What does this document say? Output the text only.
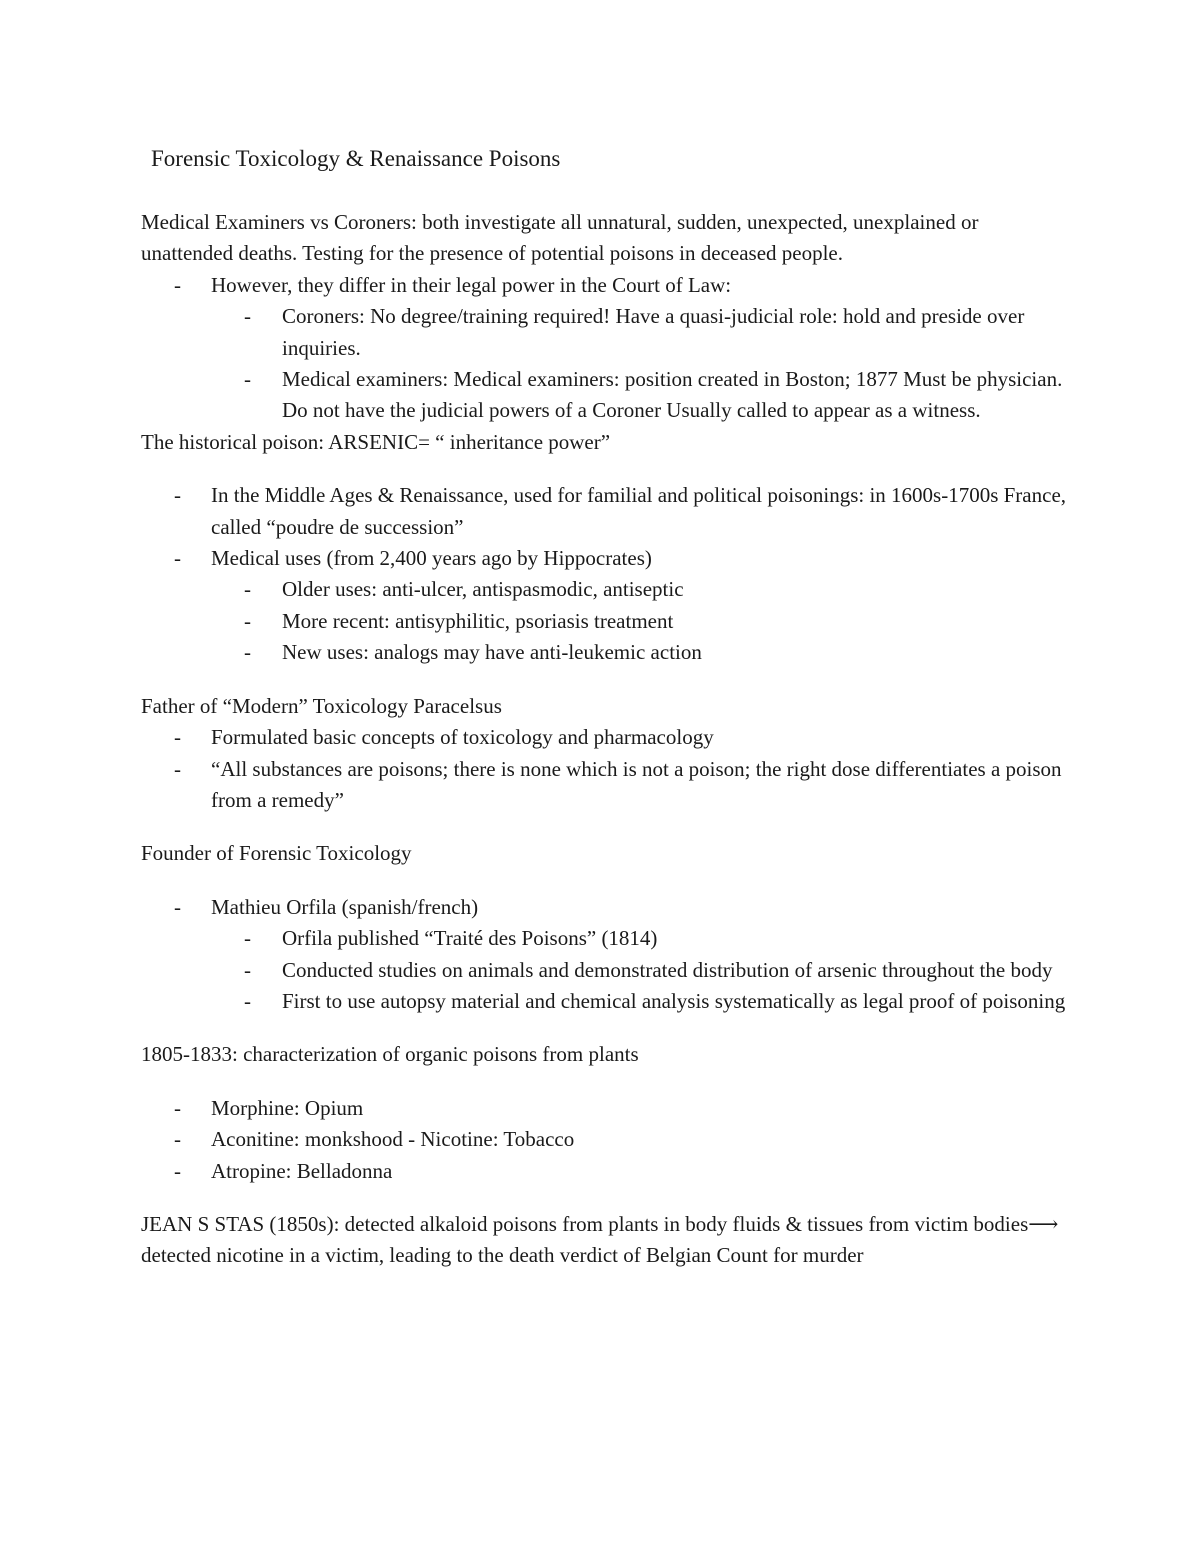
Forensic Toxicology & Renaissance Poisons

Medical Examiners vs Coroners: both investigate all unnatural, sudden, unexpected, unexplained or unattended deaths. Testing for the presence of potential poisons in deceased people.

- However, they differ in their legal power in the Court of Law:
- Coroners: No degree/training required! Have a quasi-judicial role: hold and preside over inquiries.
- Medical examiners: Medical examiners: position created in Boston; 1877 Must be physician. Do not have the judicial powers of a Coroner Usually called to appear as a witness.

The historical poison: ARSENIC= “ inheritance power”

- In the Middle Ages & Renaissance, used for familial and political poisonings: in 1600s-1700s France, called “poudre de succession”
- Medical uses (from 2,400 years ago by Hippocrates)
- Older uses: anti-ulcer, antispasmodic, antiseptic
- More recent: antisyphilitic, psoriasis treatment
- New uses: analogs may have anti-leukemic action

Father of “Modern” Toxicology Paracelsus

- Formulated basic concepts of toxicology and pharmacology
- “All substances are poisons; there is none which is not a poison; the right dose differentiates a poison from a remedy”

Founder of Forensic Toxicology

- Mathieu Orfila (spanish/french)
- Orfila published “Traité des Poisons” (1814)
- Conducted studies on animals and demonstrated distribution of arsenic throughout the body
- First to use autopsy material and chemical analysis systematically as legal proof of poisoning

1805-1833: characterization of organic poisons from plants

- Morphine: Opium
- Aconitine: monkshood - Nicotine: Tobacco
- Atropine: Belladonna

JEAN S STAS (1850s): detected alkaloid poisons from plants in body fluids & tissues from victim bodies⟶ detected nicotine in a victim, leading to the death verdict of Belgian Count for murder
